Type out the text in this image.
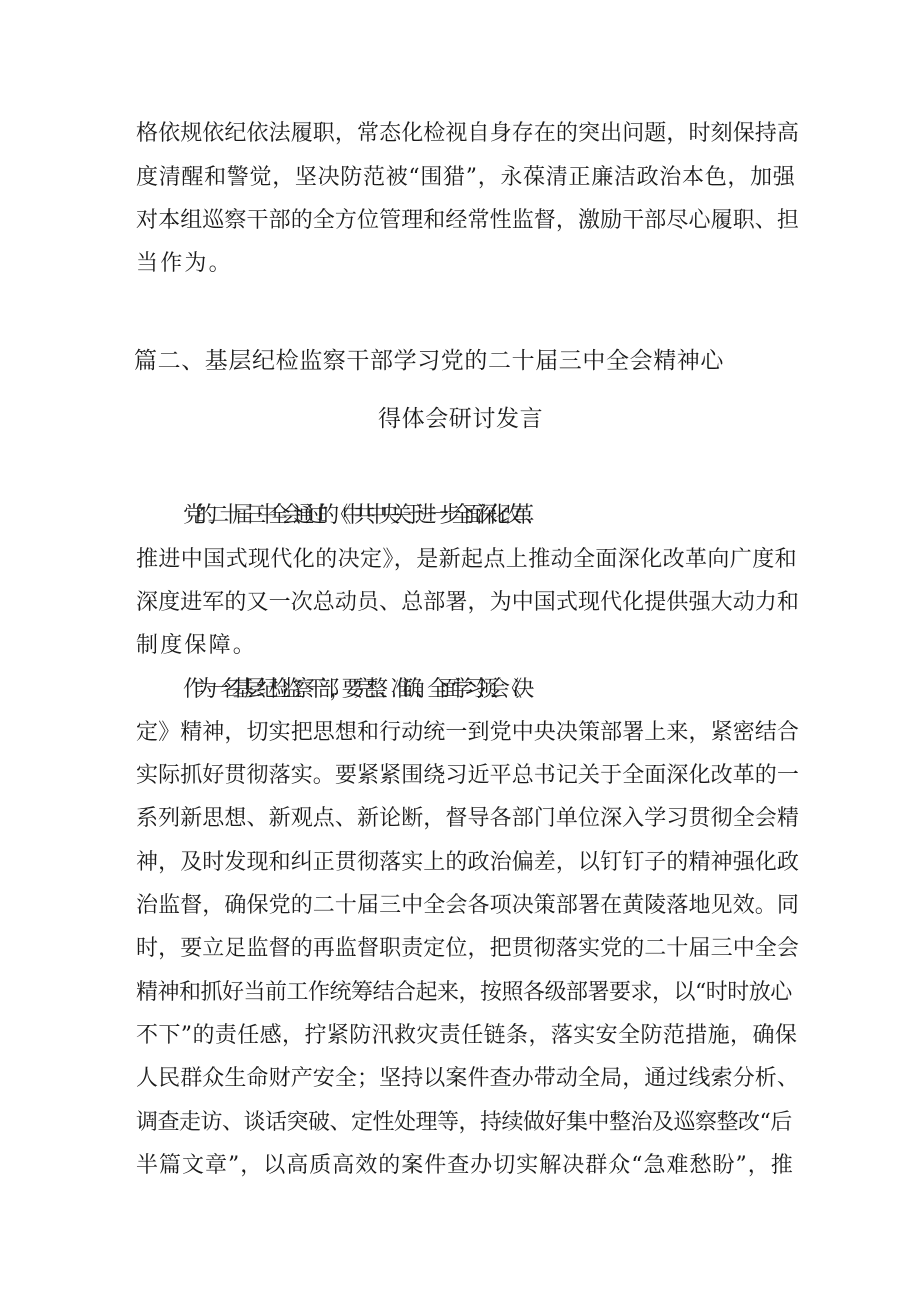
格依规依纪依法履职，常态化检视自身存在的突出问题，时刻保持高
度清醒和警觉，坚决防范被“围猎”，永葆清正廉洁政治本色，加强
对本组巡察干部的全方位管理和经常性监督，激励干部尽心履职、担
当作为。
篇二、基层纪检监察干部学习党的二十届三中全会精神心
得体会研讨发言
党的二十届三中全会通过的《中共中央关于进一步全面深化改革、
推进中国式现代化的决定》，是新起点上推动全面深化改革向广度和
深度进军的又一次总动员、总部署，为中国式现代化提供强大动力和
制度保障。
作为一名基层纪检监察干部，要完整、准确、全面学习领会《决
定》精神，切实把思想和行动统一到党中央决策部署上来，紧密结合
实际抓好贯彻落实。要紧紧围绕习近平总书记关于全面深化改革的一
系列新思想、新观点、新论断，督导各部门单位深入学习贯彻全会精
神，及时发现和纠正贯彻落实上的政治偏差，以钉钉子的精神强化政
治监督，确保党的二十届三中全会各项决策部署在黄陵落地见效。同
时，要立足监督的再监督职责定位，把贯彻落实党的二十届三中全会
精神和抓好当前工作统筹结合起来，按照各级部署要求，以“时时放心
不下”的责任感，拧紧防汛救灾责任链条，落实安全防范措施，确保
人民群众生命财产安全；坚持以案件查办带动全局，通过线索分析、
调查走访、谈话突破、定性处理等，持续做好集中整治及巡察整改“后
半篇文章”，以高质高效的案件查办切实解决群众“急难愁盼”，推
